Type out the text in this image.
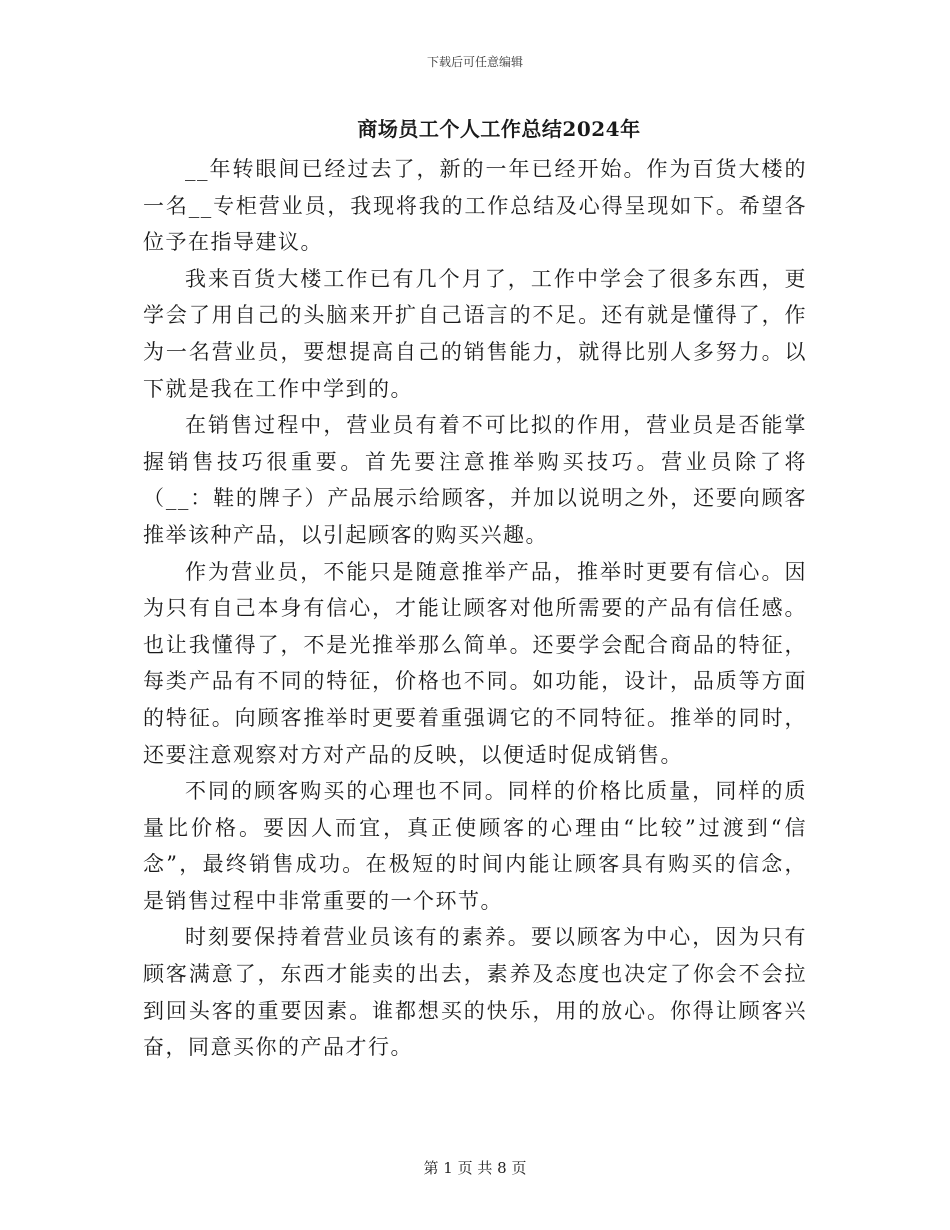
下载后可任意编辑
商场员工个人工作总结2024年

__年转眼间已经过去了，新的一年已经开始。作为百货大楼的一名__专柜营业员，我现将我的工作总结及心得呈现如下。希望各位予在指导建议。

我来百货大楼工作已有几个月了，工作中学会了很多东西，更学会了用自己的头脑来开扩自己语言的不足。还有就是懂得了，作为一名营业员，要想提高自己的销售能力，就得比别人多努力。以下就是我在工作中学到的。

在销售过程中，营业员有着不可比拟的作用，营业员是否能掌握销售技巧很重要。首先要注意推举购买技巧。营业员除了将（__：鞋的牌子）产品展示给顾客，并加以说明之外，还要向顾客推举该种产品，以引起顾客的购买兴趣。

作为营业员，不能只是随意推举产品，推举时更要有信心。因为只有自己本身有信心，才能让顾客对他所需要的产品有信任感。也让我懂得了，不是光推举那么简单。还要学会配合商品的特征，每类产品有不同的特征，价格也不同。如功能，设计，品质等方面的特征。向顾客推举时更要着重强调它的不同特征。推举的同时，还要注意观察对方对产品的反映，以便适时促成销售。

不同的顾客购买的心理也不同。同样的价格比质量，同样的质量比价格。要因人而宜，真正使顾客的心理由“比较”过渡到“信念”，最终销售成功。在极短的时间内能让顾客具有购买的信念，是销售过程中非常重要的一个环节。

时刻要保持着营业员该有的素养。要以顾客为中心，因为只有顾客满意了，东西才能卖的出去，素养及态度也决定了你会不会拉到回头客的重要因素。谁都想买的快乐，用的放心。你得让顾客兴奋，同意买你的产品才行。

第 1 页 共 8 页
